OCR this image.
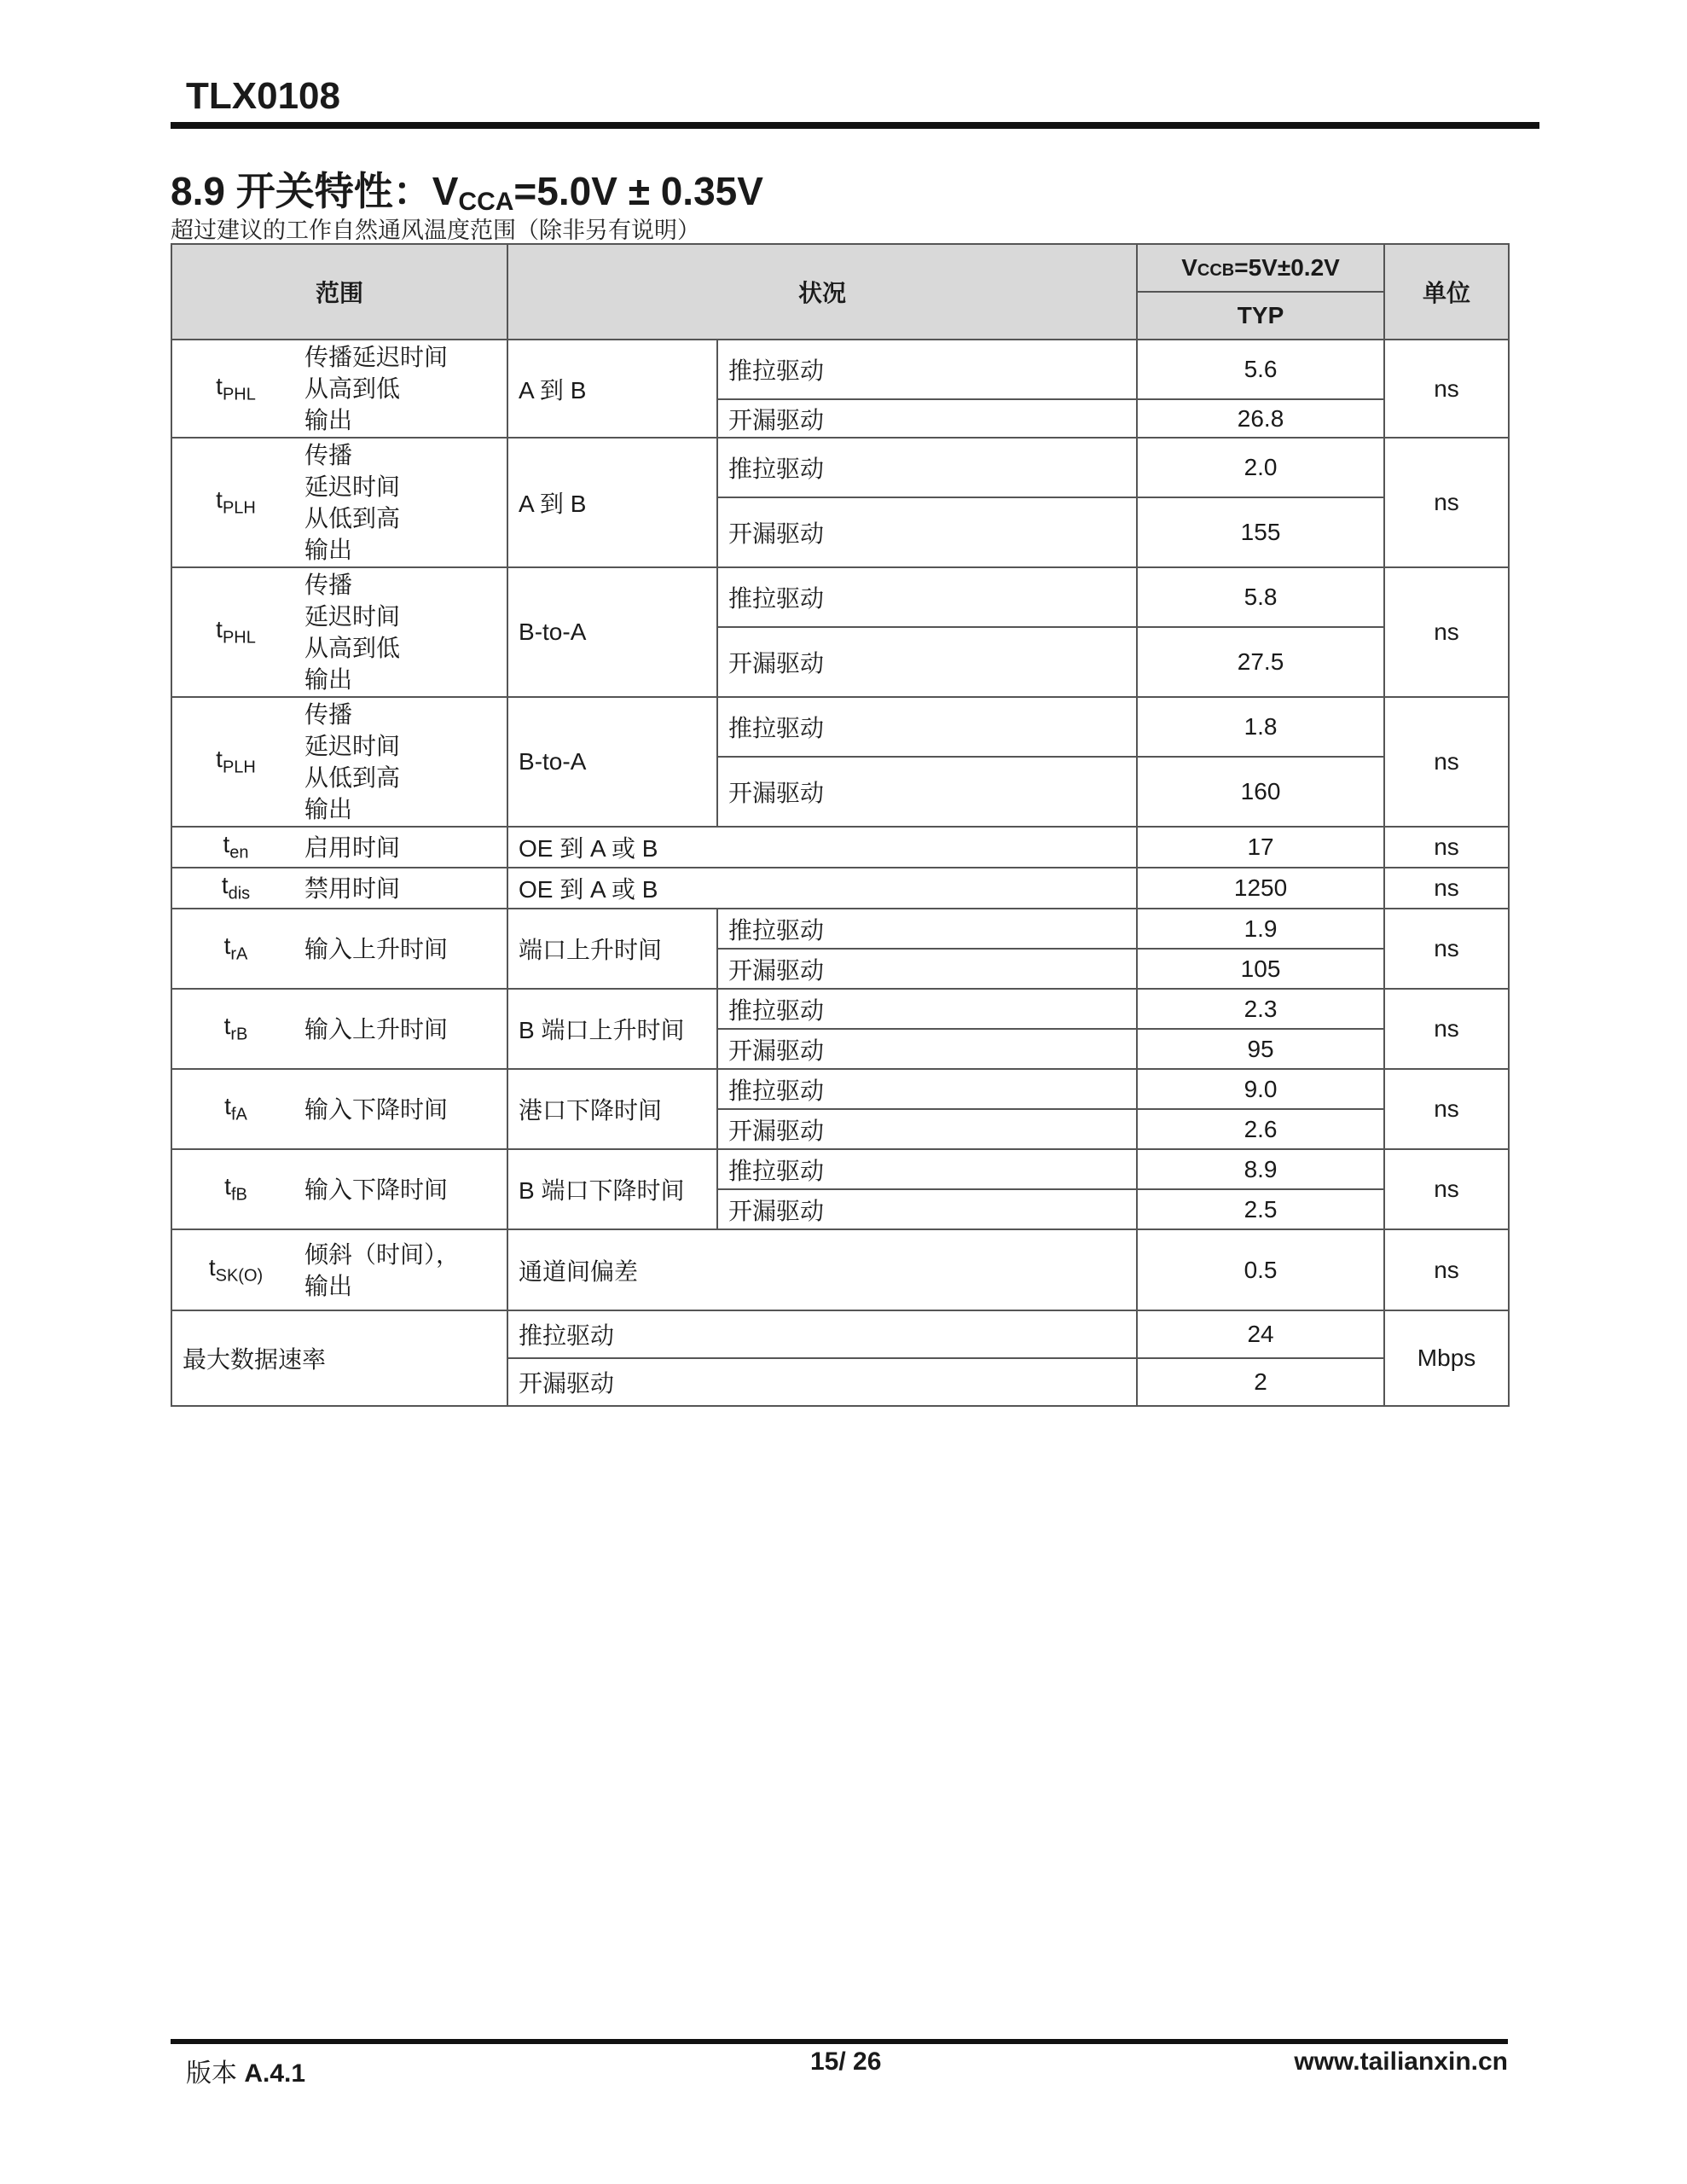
TLX0108
8.9 开关特性：$V_{CCA}=5.0V \pm 0.35V$
超过建议的工作自然通风温度范围（除非另有说明）
范围		状况		VCCB=5V±0.2V	单位
				TYP	
$t_{PHL}$	传播延迟时间
从高到低
输出	A 到 B	推拉驱动	5.6	ns
			开漏驱动	26.8	
$t_{PLH}$	传播
延迟时间
从低到高
输出	A 到 B	推拉驱动	2.0	ns
			开漏驱动	155	
$t_{PHL}$	传播
延迟时间
从高到低
输出	B-to-A	推拉驱动	5.8	ns
			开漏驱动	27.5	
$t_{PLH}$	传播
延迟时间
从低到高
输出	B-to-A	推拉驱动	1.8	ns
			开漏驱动	160	
$t_{en}$	启用时间	OE 到 A 或 B		17	ns
$t_{dis}$	禁用时间	OE 到 A 或 B		1250	ns
$t_{rA}$	输入上升时间	端口上升时间	推拉驱动	1.9	ns
			开漏驱动	105	
$t_{rB}$	输入上升时间	B 端口上升时间	推拉驱动	2.3	ns
			开漏驱动	95	
$t_{fA}$	输入下降时间	港口下降时间	推拉驱动	9.0	ns
			开漏驱动	2.6	
$t_{fB}$	输入下降时间	B 端口下降时间	推拉驱动	8.9	ns
			开漏驱动	2.5	
$t_{SK(O)}$	倾斜（时间），
输出	通道间偏差		0.5	ns
最大数据速率		推拉驱动		24	Mbps
		开漏驱动		2	
版本 A.4.1	15/ 26	www.tailianxin.cn
